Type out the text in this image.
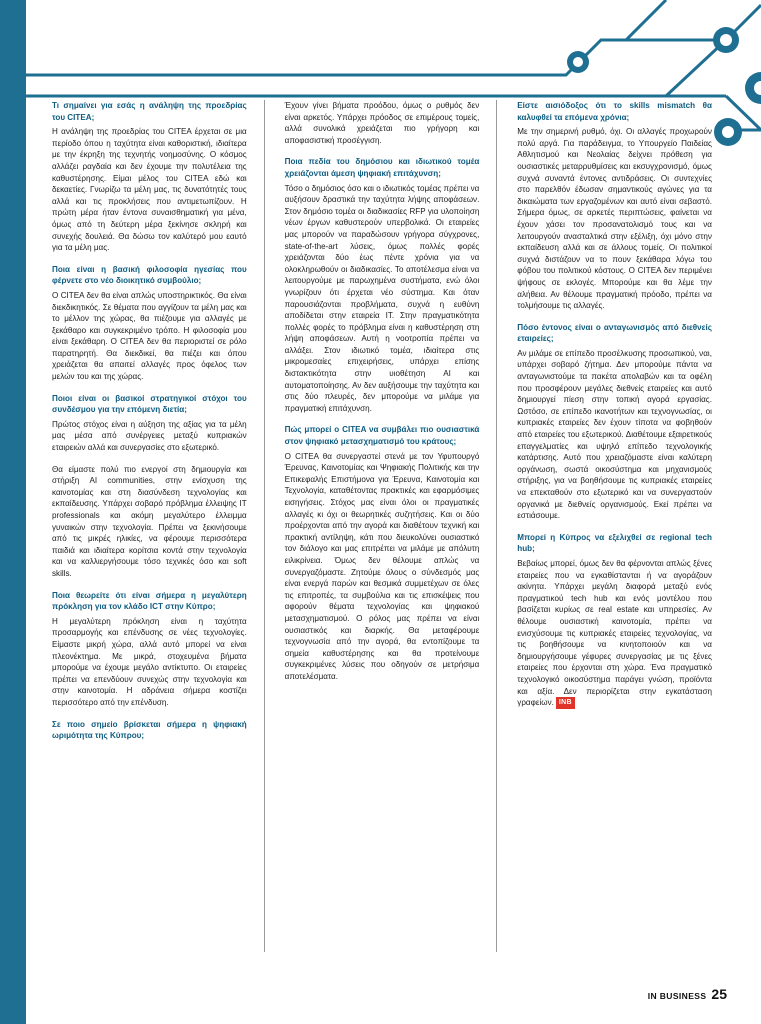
Τι σημαίνει για εσάς η ανάληψη της προεδρίας του CITEA;

Η ανάληψη της προεδρίας του CITEA έρχεται σε μια περίοδο όπου η ταχύτητα είναι καθοριστική, ιδιαίτερα με την έκρηξη της τεχνητής νοημοσύνης. Ο κόσμος αλλάζει ραγδαία και δεν έχουμε την πολυτέλεια της καθυστέρησης. Είμαι μέλος του CITEA εδώ και δεκαετίες. Γνωρίζω τα μέλη μας, τις δυνατότητές τους αλλά και τις προκλήσεις που αντιμετωπίζουν. Η πρώτη μέρα ήταν έντονα συναισθηματική για μένα, όμως από τη δεύτερη μέρα ξεκίνησε σκληρή και συνεχής δουλειά. Θα δώσω τον καλύτερό μου εαυτό για τα μέλη μας.

Ποια είναι η βασική φιλοσοφία ηγεσίας που φέρνετε στο νέο διοικητικό συμβούλιο;

Ο CITEA δεν θα είναι απλώς υποστηρικτικός. Θα είναι διεκδικητικός. Σε θέματα που αγγίζουν τα μέλη μας και το μέλλον της χώρας, θα πιέζουμε για αλλαγές με ξεκάθαρο και συγκεκριμένο τρόπο. Η φιλοσοφία μου είναι ξεκάθαρη. Ο CITEA δεν θα περιοριστεί σε ρόλο παρατηρητή. Θα διεκδικεί, θα πιέζει και όπου χρειάζεται θα απαιτεί αλλαγές προς όφελος των μελών του και της χώρας.

Ποιοι είναι οι βασικοί στρατηγικοί στόχοι του συνδέσμου για την επόμενη διετία;

Πρώτος στόχος είναι η αύξηση της αξίας για τα μέλη μας μέσα από συνέργειες μεταξύ κυπριακών εταιρειών αλλά και συνεργασίες στο εξωτερικό.

Θα είμαστε πολύ πιο ενεργοί στη δημιουργία και στήριξη AI communities, στην ενίσχυση της καινοτομίας και στη διασύνδεση τεχνολογίας και εκπαίδευσης. Υπάρχει σοβαρό πρόβλημα έλλειψης IT professionals και ακόμη μεγαλύτερο έλλειμμα γυναικών στην τεχνολογία. Πρέπει να ξεκινήσουμε από τις μικρές ηλικίες, να φέρουμε περισσότερα παιδιά και ιδιαίτερα κορίτσια κοντά στην τεχνολογία και να καλλιεργήσουμε τόσο τεχνικές όσο και soft skills.

Ποια θεωρείτε ότι είναι σήμερα η μεγαλύτερη πρόκληση για τον κλάδο ICT στην Κύπρο;

Η μεγαλύτερη πρόκληση είναι η ταχύτητα προσαρμογής και επένδυσης σε νέες τεχνολογίες. Είμαστε μικρή χώρα, αλλά αυτό μπορεί να είναι πλεονέκτημα. Με μικρά, στοχευμένα βήματα μπορούμε να έχουμε μεγάλο αντίκτυπο. Οι εταιρείες πρέπει να επενδύουν συνεχώς στην τεχνολογία και στην καινοτομία. Η αδράνεια σήμερα κοστίζει περισσότερο από την επένδυση.

Σε ποιο σημείο βρίσκεται σήμερα η ψηφιακή ωριμότητα της Κύπρου;

Έχουν γίνει βήματα προόδου, όμως ο ρυθμός δεν είναι αρκετός. Υπάρχει πρόοδος σε επιμέρους τομείς, αλλά συνολικά χρειάζεται πιο γρήγορη και αποφασιστική προσέγγιση.

Ποια πεδία του δημόσιου και ιδιωτικού τομέα χρειάζονται άμεση ψηφιακή επιτάχυνση;

Τόσο ο δημόσιος όσο και ο ιδιωτικός τομέας πρέπει να αυξήσουν δραστικά την ταχύτητα λήψης αποφάσεων. Στον δημόσιο τομέα οι διαδικασίες RFP για υλοποίηση νέων έργων καθυστερούν υπερβολικά. Οι εταιρείες μας μπορούν να παραδώσουν γρήγορα σύγχρονες, state-of-the-art λύσεις, όμως πολλές φορές χρειάζονται δύο έως πέντε χρόνια για να ολοκληρωθούν οι διαδικασίες. Το αποτέλεσμα είναι να λειτουργούμε με παρωχημένα συστήματα, ενώ όλοι γνωρίζουν ότι έρχεται νέο σύστημα. Και όταν παρουσιάζονται προβλήματα, συχνά η ευθύνη αποδίδεται στην εταιρεία IT. Στην πραγματικότητα πολλές φορές το πρόβλημα είναι η καθυστέρηση στη λήψη αποφάσεων. Αυτή η νοοτροπία πρέπει να αλλάξει. Στον ιδιωτικό τομέα, ιδιαίτερα στις μικρομεσαίες επιχειρήσεις, υπάρχει επίσης διστακτικότητα στην υιοθέτηση AI και αυτοματοποίησης. Αν δεν αυξήσουμε την ταχύτητα και στις δύο πλευρές, δεν μπορούμε να μιλάμε για πραγματική επιτάχυνση.

Πώς μπορεί ο CITEA να συμβάλει πιο ουσιαστικά στον ψηφιακό μετασχηματισμό του κράτους;

Ο CITEA θα συνεργαστεί στενά με τον Υφυπουργό Έρευνας, Καινοτομίας και Ψηφιακής Πολιτικής και την Επικεφαλής Επιστήμονα για Έρευνα, Καινοτομία και Τεχνολογία, καταθέτοντας πρακτικές και εφαρμόσιμες εισηγήσεις. Στόχος μας είναι όλοι οι πραγματικές αλλαγές κι όχι οι θεωρητικές συζητήσεις. Και οι δύο προέρχονται από την αγορά και διαθέτουν τεχνική και πρακτική αντίληψη, κάτι που διευκολύνει ουσιαστικό τον διάλογο και μας επιτρέπει να μιλάμε με απόλυτη ειλικρίνεια. Όμως δεν θέλουμε απλώς να συνεργαζόμαστε. Ζητούμε όλους ο σύνδεσμός μας είναι ενεργά παρών και θεσμικά συμμετέχων σε όλες τις επιτροπές, τα συμβούλια και τις επισκέψεις που αφορούν θέματα τεχνολογίας και ψηφιακού μετασχηματισμού. Ο ρόλος μας πρέπει να είναι ουσιαστικός και διαρκής. Θα μεταφέρουμε τεχνογνωσία από την αγορά, θα εντοπίζουμε τα σημεία καθυστέρησης και θα προτείνουμε συγκεκριμένες λύσεις που οδηγούν σε μετρήσιμα αποτελέσματα.

Είστε αισιόδοξος ότι το skills mismatch θα καλυφθεί τα επόμενα χρόνια;

Με την σημερινή ρυθμό, όχι. Οι αλλαγές προχωρούν πολύ αργά. Για παράδειγμα, το Υπουργείο Παιδείας Αθλητισμού και Νεολαίας δείχνει πρόθεση για ουσιαστικές μεταρρυθμίσεις και εκσυγχρονισμό, όμως συχνά συναντά έντονες αντιδράσεις. Οι συντεχνίες στο παρελθόν έδωσαν σημαντικούς αγώνες για τα δικαιώματα των εργαζομένων και αυτό είναι σεβαστό. Σήμερα όμως, σε αρκετές περιπτώσεις, φαίνεται να έχουν χάσει τον προσανατολισμό τους και να λειτουργούν ανασταλτικά στην εξέλιξη, όχι μόνο στην εκπαίδευση αλλά και σε άλλους τομείς. Οι πολιτικοί συχνά διστάζουν να το πουν ξεκάθαρα λόγω του φόβου του πολιτικού κόστους. Ο CITEA δεν περιμένει ψήφους σε εκλογές. Μπορούμε και θα λέμε την αλήθεια. Αν θέλουμε πραγματική πρόοδο, πρέπει να τολμήσουμε τις αλλαγές.

Πόσο έντονος είναι ο ανταγωνισμός από διεθνείς εταιρείες;

Αν μιλάμε σε επίπεδο προσέλκυσης προσωπικού, ναι, υπάρχει σοβαρό ζήτημα. Δεν μπορούμε πάντα να ανταγωνιστούμε τα πακέτα απολαβών και τα οφέλη που προσφέρουν μεγάλες διεθνείς εταιρείες και αυτό δημιουργεί πίεση στην τοπική αγορά εργασίας. Ωστόσο, σε επίπεδο ικανοτήτων και τεχνογνωσίας, οι κυπριακές εταιρείες δεν έχουν τίποτα να φοβηθούν από εταιρείες του εξωτερικού. Διαθέτουμε εξαιρετικούς επαγγελματίες και υψηλό επίπεδο τεχνολογικής κατάρτισης. Αυτό που χρειαζόμαστε είναι καλύτερη οργάνωση, σωστά οικοσύστημα και μηχανισμούς στήριξης, για να βοηθήσουμε τις κυπριακές εταιρείες να επεκταθούν στο εξωτερικό και να συνεργαστούν οργανικά με διεθνείς οργανισμούς. Εκεί πρέπει να εστιάσουμε.

Μπορεί η Κύπρος να εξελιχθεί σε regional tech hub;

Βεβαίως μπορεί, όμως δεν θα φέρνονται απλώς ξένες εταιρείες που να εγκαθίστανται ή να αγοράζουν ακίνητα. Υπάρχει μεγάλη διαφορά μεταξύ ενός πραγματικού tech hub και ενός μοντέλου που βασίζεται κυρίως σε real estate και υπηρεσίες. Αν θέλουμε ουσιαστική καινοτομία, πρέπει να ενισχύσουμε τις κυπριακές εταιρείες τεχνολογίας, να τις βοηθήσουμε να κινητοποιούν και να δημιουργήσουμε γέφυρες συνεργασίας με τις ξένες εταιρείες που έρχονται στη χώρα. Ένα πραγματικό τεχνολογικό οικοσύστημα παράγει γνώση, προϊόντα και αξία. Δεν περιορίζεται στην εγκατάσταση γραφείων. INB

IN BUSINESS 25
